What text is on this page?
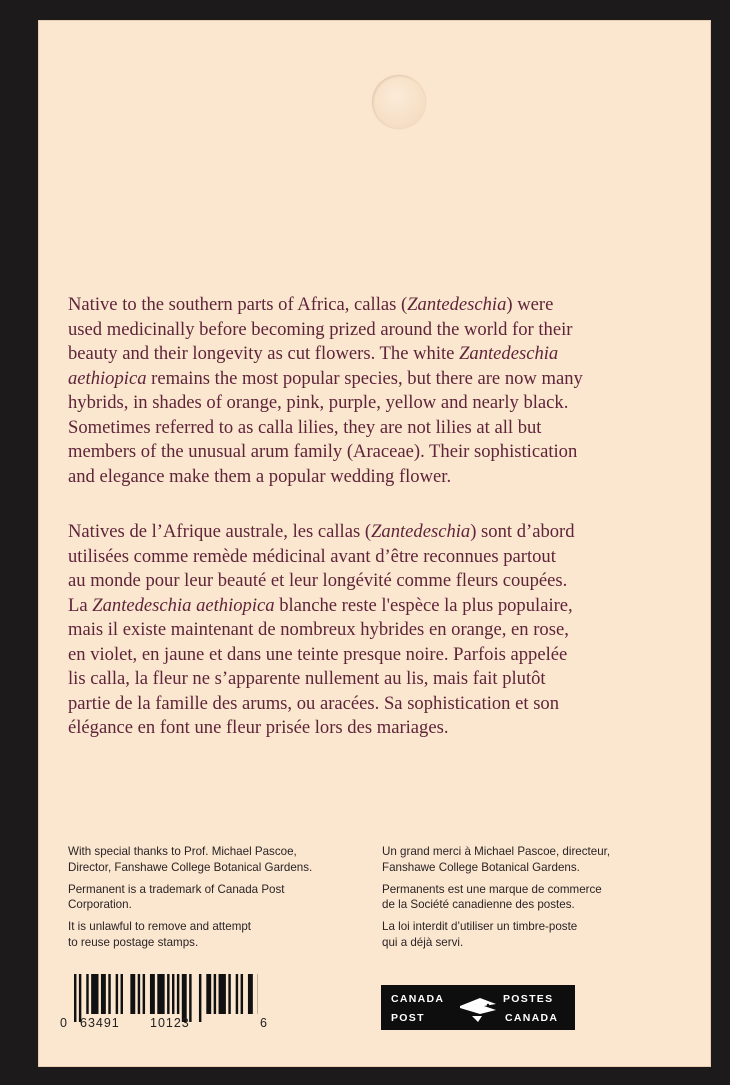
Native to the southern parts of Africa, callas (Zantedeschia) were
used medicinally before becoming prized around the world for their
beauty and their longevity as cut flowers. The white Zantedeschia
aethiopica remains the most popular species, but there are now many
hybrids, in shades of orange, pink, purple, yellow and nearly black.
Sometimes referred to as calla lilies, they are not lilies at all but
members of the unusual arum family (Araceae). Their sophistication
and elegance make them a popular wedding flower.
Natives de l’Afrique australe, les callas (Zantedeschia) sont d’abord
utilisées comme remède médicinal avant d’être reconnues partout
au monde pour leur beauté et leur longévité comme fleurs coupées.
La Zantedeschia aethiopica blanche reste l'espèce la plus populaire,
mais il existe maintenant de nombreux hybrides en orange, en rose,
en violet, en jaune et dans une teinte presque noire. Parfois appelée
lis calla, la fleur ne s’apparente nullement au lis, mais fait plutôt
partie de la famille des arums, ou aracées. Sa sophistication et son
élégance en font une fleur prisée lors des mariages.

With special thanks to Prof. Michael Pascoe,
Director, Fanshawe College Botanical Gardens.

Permanent is a trademark of Canada Post
Corporation.

It is unlawful to remove and attempt
to reuse postage stamps.

Un grand merci à Michael Pascoe, directeur,
Fanshawe College Botanical Gardens.

Permanents est une marque de commerce
de la Société canadienne des postes.

La loi interdit d’utiliser un timbre-poste
qui a déjà servi.

0 63491 10123	6
CANADA
POST
POSTES
CANADA
